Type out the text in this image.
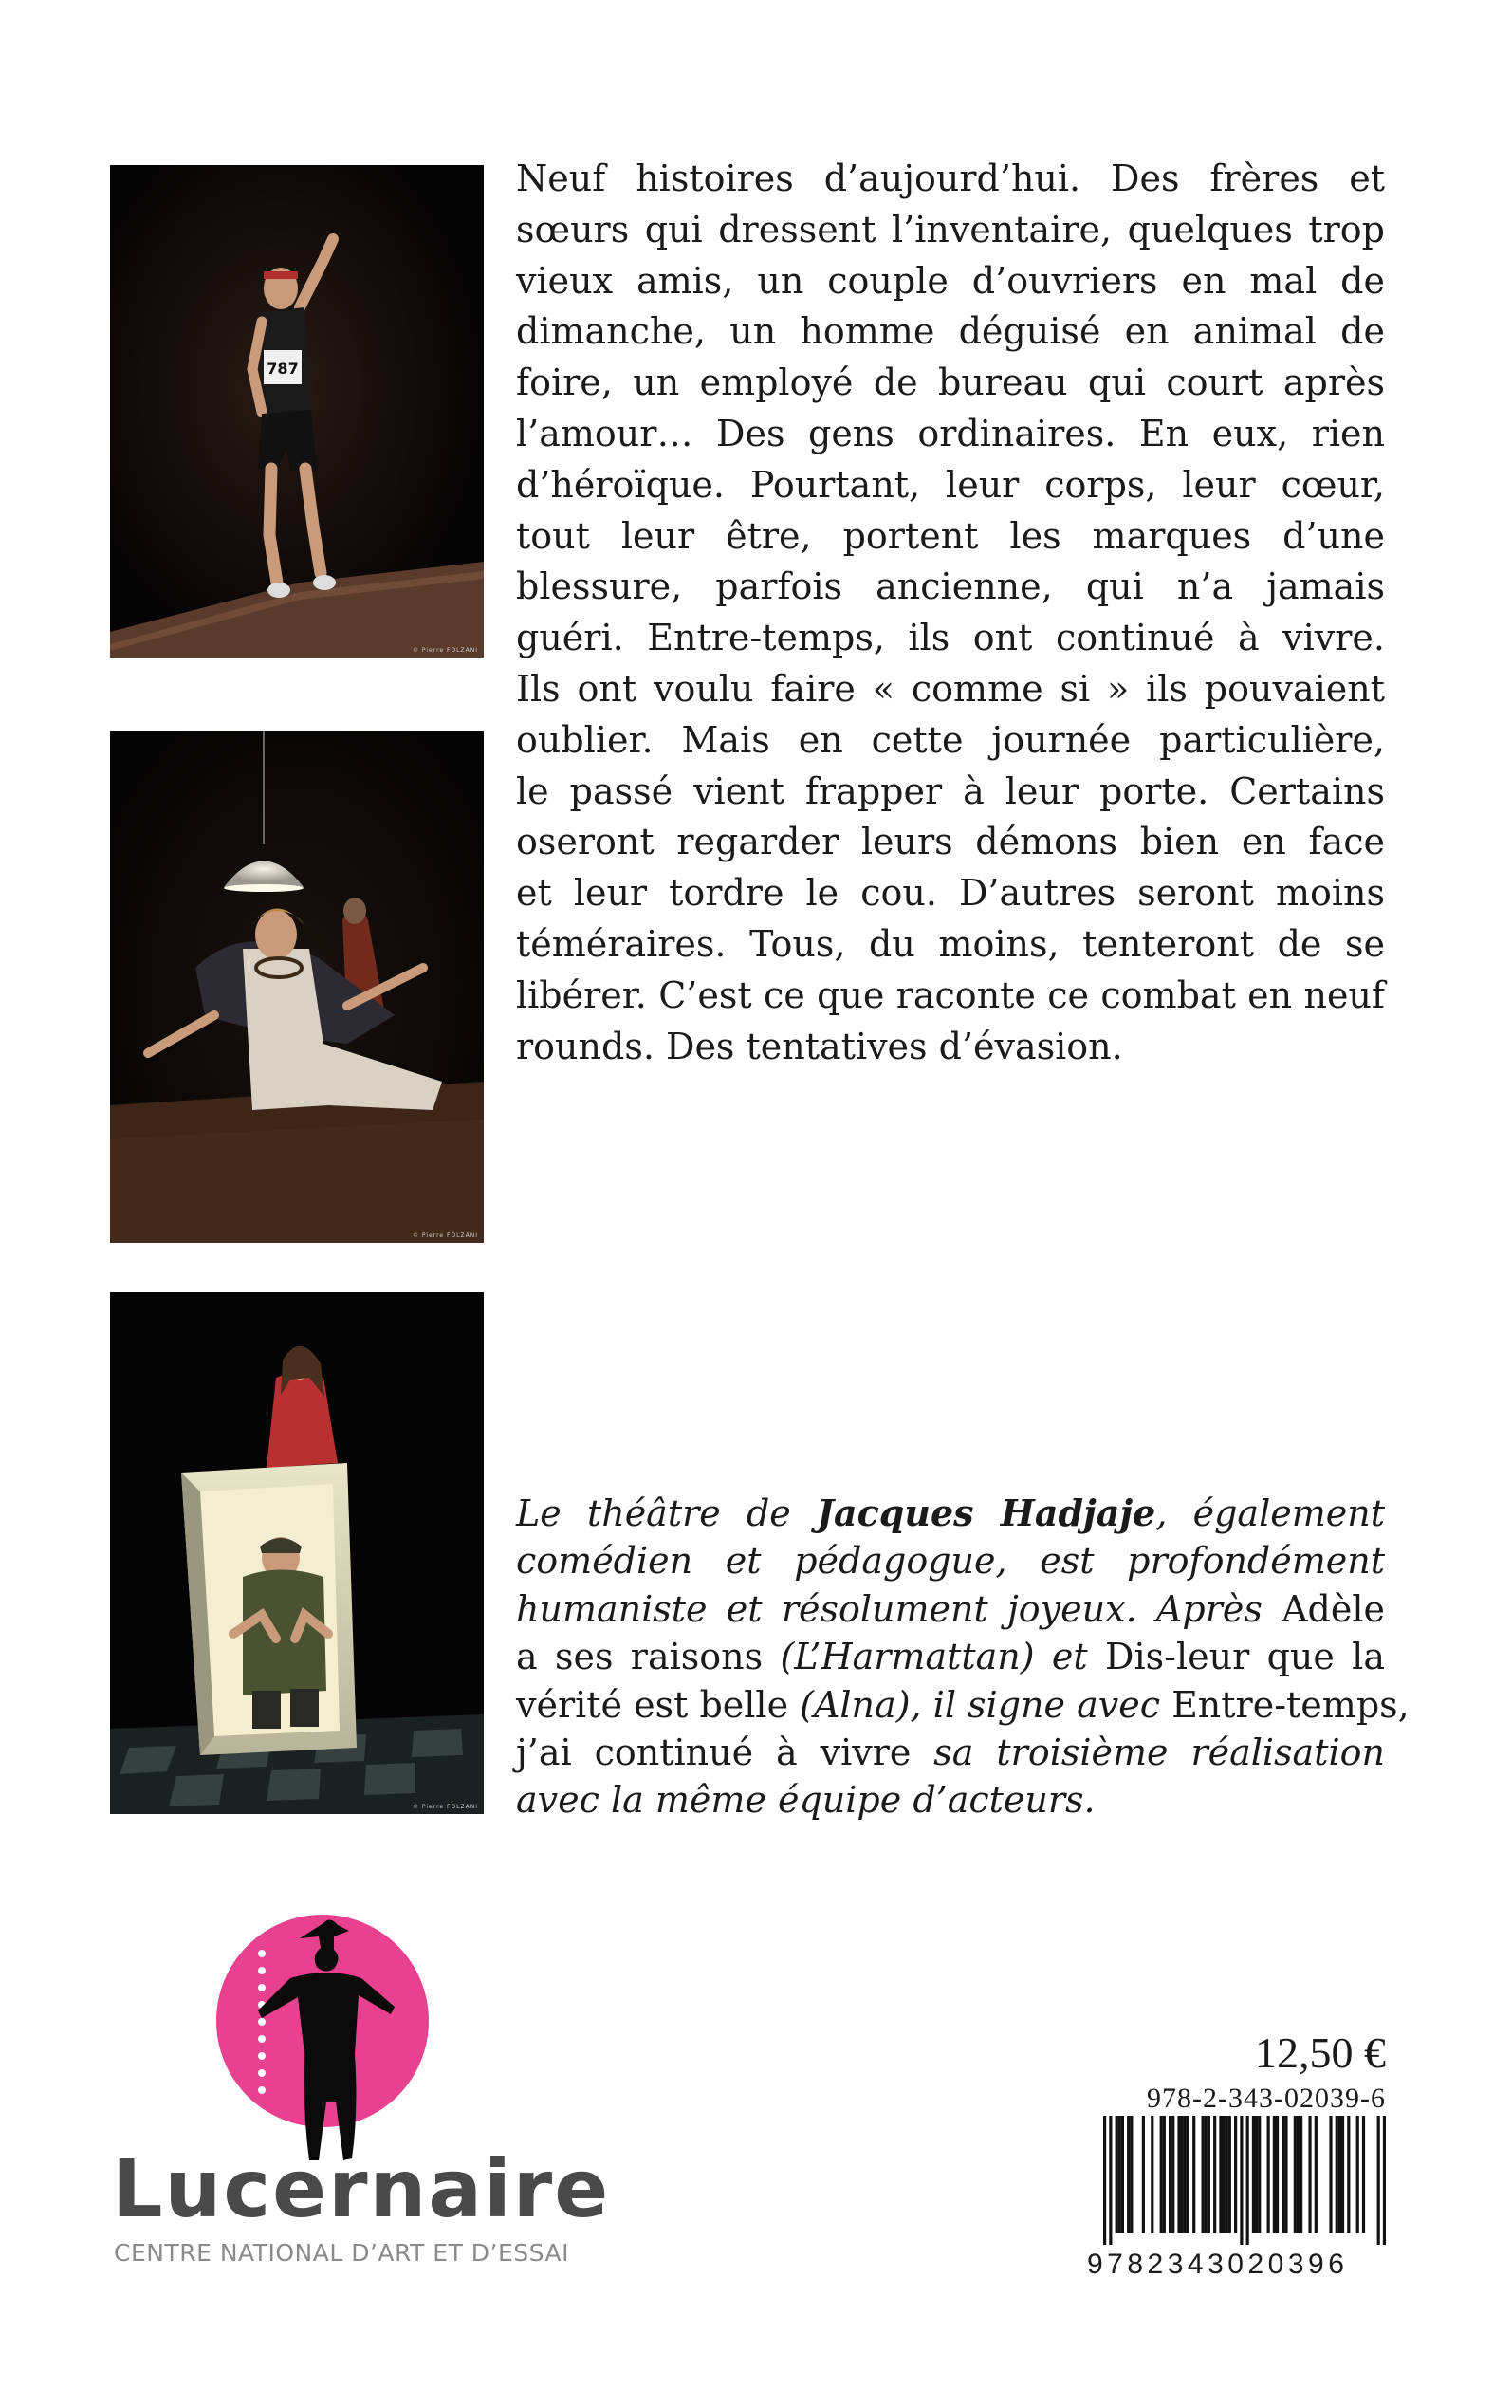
787
© Pierre FOLZANI
© Pierre FOLZANI
© Pierre FOLZANI
Neuf histoires d’aujourd’hui. Des frères et
sœurs qui dressent l’inventaire, quelques trop
vieux amis, un couple d’ouvriers en mal de
dimanche, un homme déguisé en animal de
foire, un employé de bureau qui court après
l’amour… Des gens ordinaires. En eux, rien
d’héroïque. Pourtant, leur corps, leur cœur,
tout leur être, portent les marques d’une
blessure, parfois ancienne, qui n’a jamais
guéri. Entre-temps, ils ont continué à vivre.
Ils ont voulu faire « comme si » ils pouvaient
oublier. Mais en cette journée particulière,
le passé vient frapper à leur porte. Certains
oseront regarder leurs démons bien en face
et leur tordre le cou. D’autres seront moins
téméraires. Tous, du moins, tenteront de se
libérer. C’est ce que raconte ce combat en neuf
rounds. Des tentatives d’évasion.
Le théâtre de Jacques Hadjaje, également
comédien et pédagogue, est profondément
humaniste et résolument joyeux. Après Adèle
a ses raisons (L’Harmattan) et Dis-leur que la
vérité est belle (Alna), il signe avec Entre-temps,
j’ai continué à vivre sa troisième réalisation
avec la même équipe d’acteurs.
Lucernaire
CENTRE NATIONAL D’ART ET D’ESSAI
12,50 €
978-2-343-02039-6
9782343020396
